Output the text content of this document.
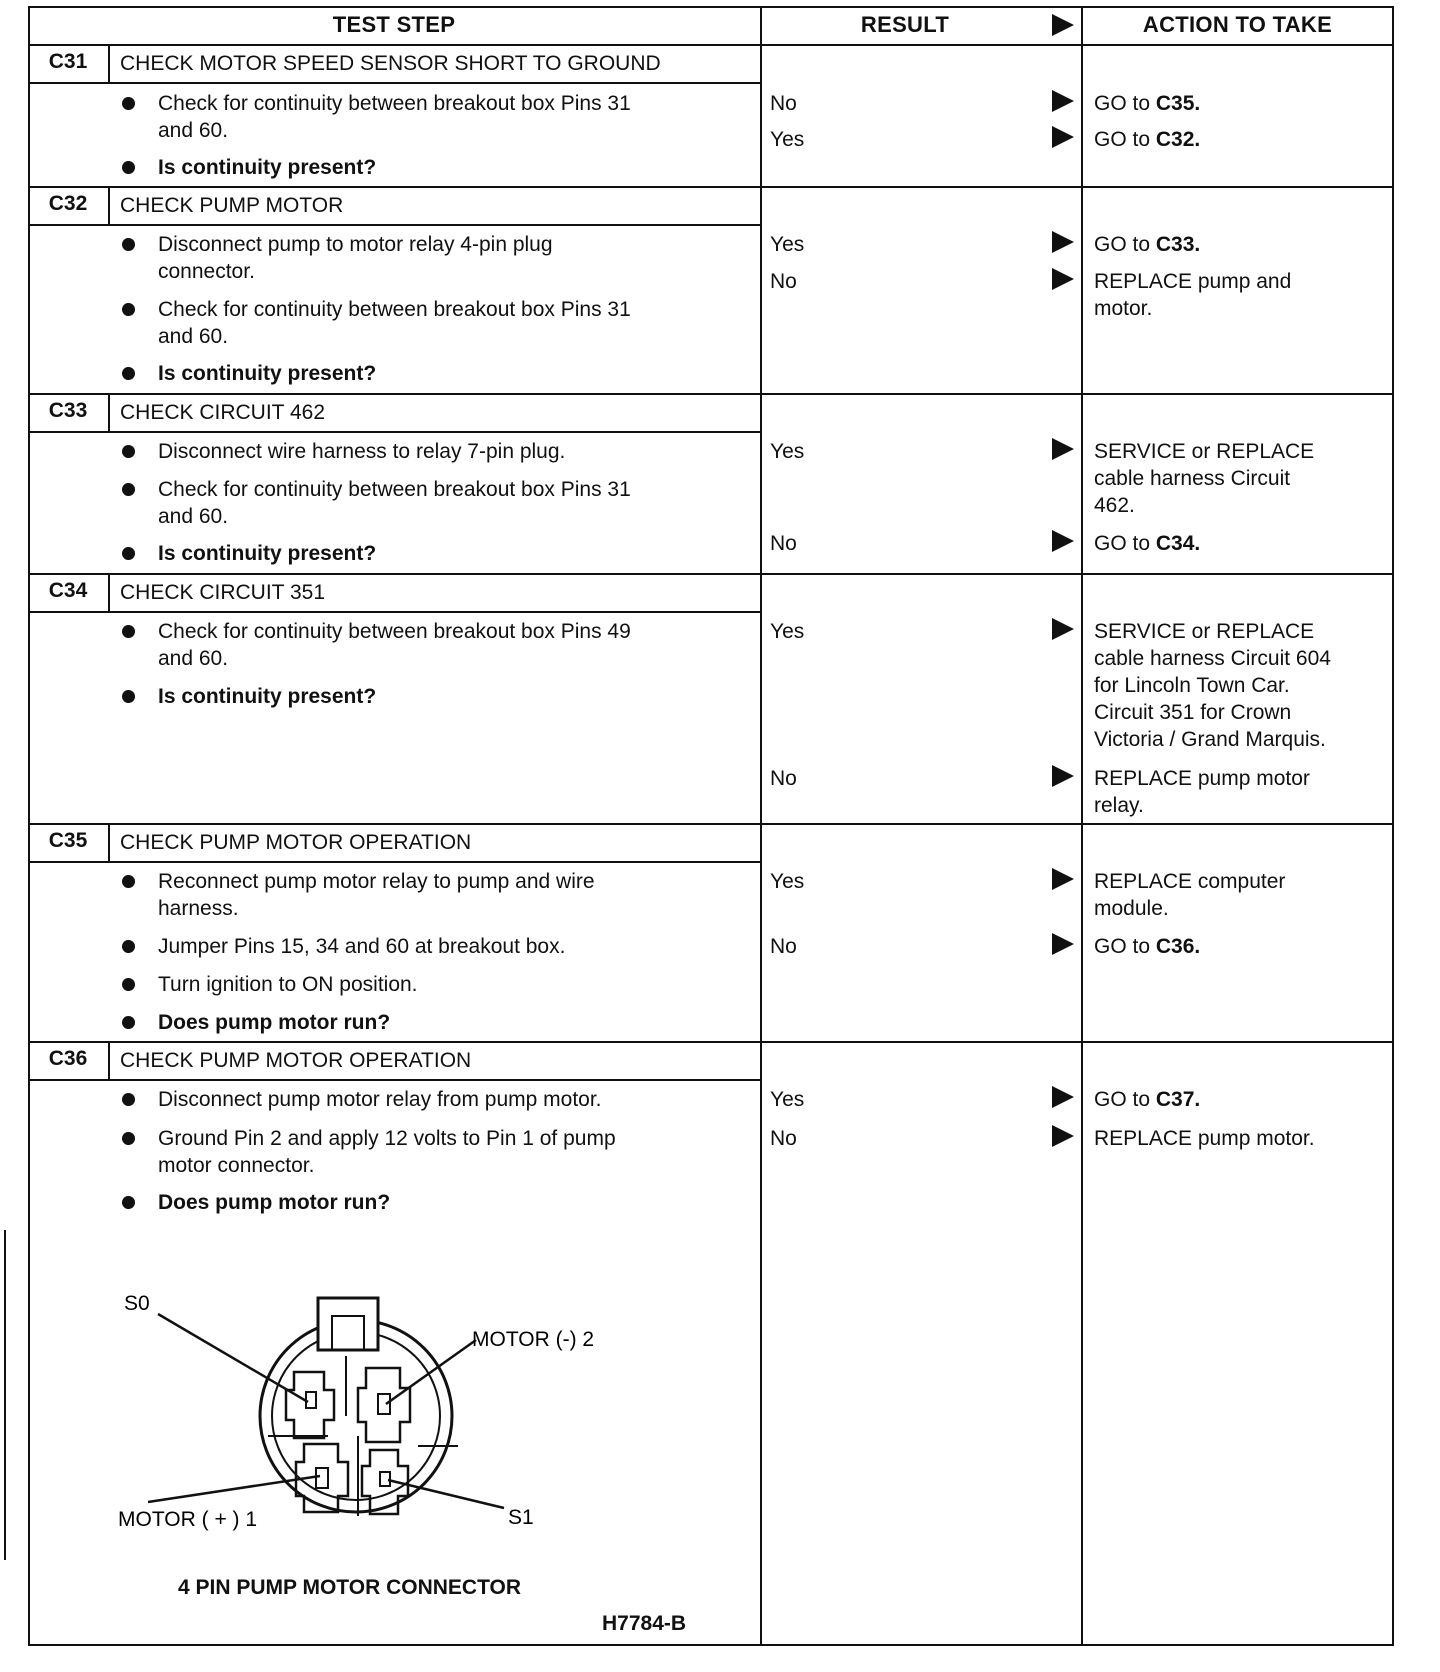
TEST STEP	RESULT	ACTION TO TAKE
C31	CHECK MOTOR SPEED SENSOR SHORT TO GROUND
Check for continuity between breakout box Pins 31
and 60.
Is continuity present?
No	GO to C35.
Yes	GO to C32.
C32	CHECK PUMP MOTOR
Disconnect pump to motor relay 4-pin plug
connector.
Check for continuity between breakout box Pins 31
and 60.
Is continuity present?
Yes	GO to C33.
No	REPLACE pump and
motor.
C33	CHECK CIRCUIT 462
Disconnect wire harness to relay 7-pin plug.
Check for continuity between breakout box Pins 31
and 60.
Is continuity present?
Yes	SERVICE or REPLACE
cable harness Circuit
462.
No	GO to C34.
C34	CHECK CIRCUIT 351
Check for continuity between breakout box Pins 49
and 60.
Is continuity present?
Yes	SERVICE or REPLACE
cable harness Circuit 604
for Lincoln Town Car.
Circuit 351 for Crown
Victoria / Grand Marquis.
No	REPLACE pump motor
relay.
C35	CHECK PUMP MOTOR OPERATION
Reconnect pump motor relay to pump and wire
harness.
Jumper Pins 15, 34 and 60 at breakout box.
Turn ignition to ON position.
Does pump motor run?
Yes	REPLACE computer
module.
No	GO to C36.
C36	CHECK PUMP MOTOR OPERATION
Disconnect pump motor relay from pump motor.
Ground Pin 2 and apply 12 volts to Pin 1 of pump
motor connector.
Does pump motor run?
Yes	GO to C37.
No	REPLACE pump motor.
S0
MOTOR (-) 2
MOTOR ( + ) 1	S1
4 PIN PUMP MOTOR CONNECTOR
H7784-B
